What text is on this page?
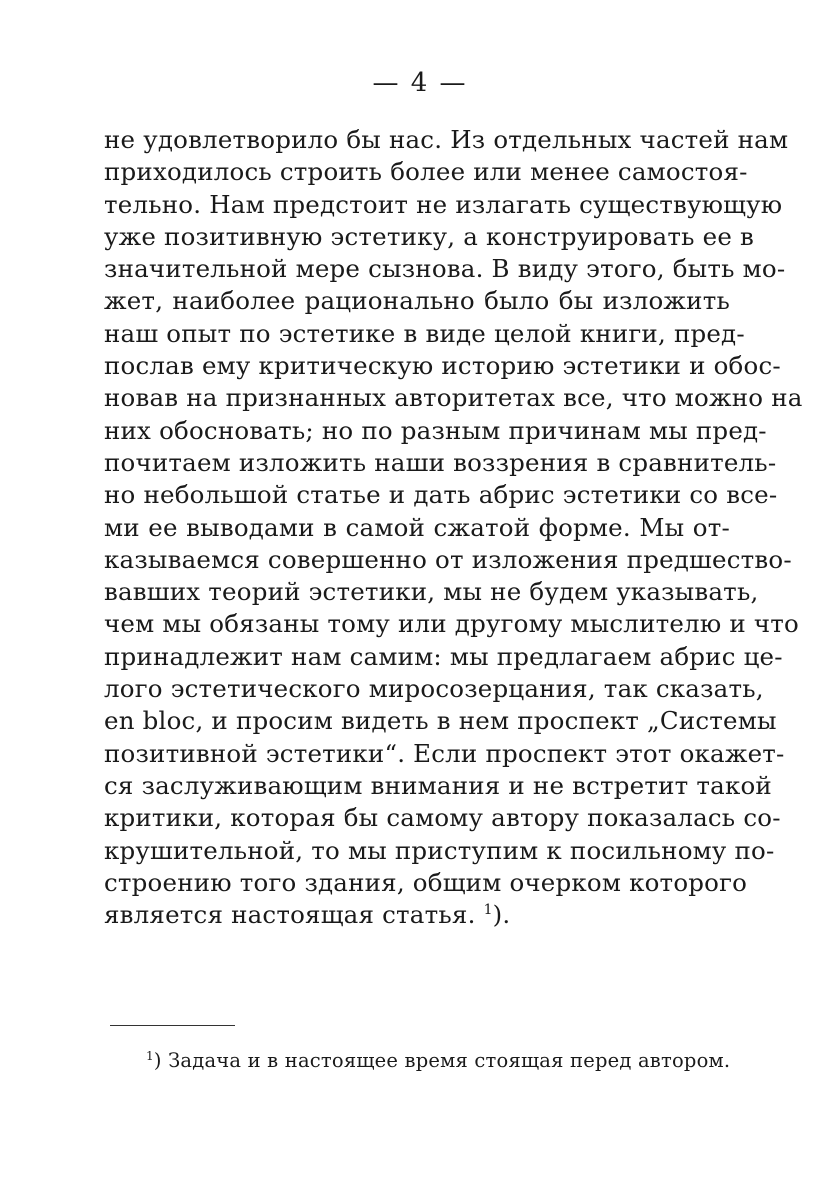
— 4 —
не удовлетворило бы нас. Из отдельных частей нам
приходилось строить более или менее самостоя-
тельно. Нам предстоит не излагать существующую
уже позитивную эстетику, а конструировать ее в
значительной мере сызнова. В виду этого, быть мо-
жет, наиболее рационально было бы изложить
наш опыт по эстетике в виде целой книги, пред-
послав ему критическую историю эстетики и обос-
новав на признанных авторитетах все, что можно на
них обосновать; но по разным причинам мы пред-
почитаем изложить наши воззрения в сравнитель-
но небольшой статье и дать абрис эстетики со все-
ми ее выводами в самой сжатой форме. Мы от-
казываемся совершенно от изложения предшество-
вавших теорий эстетики, мы не будем указывать,
чем мы обязаны тому или другому мыслителю и что
принадлежит нам самим: мы предлагаем абрис це-
лого эстетического миросозерцания, так сказать,
en bloc, и просим видеть в нем проспект „Системы
позитивной эстетики“. Если проспект этот окажет-
ся заслуживающим внимания и не встретит такой
критики, которая бы самому автору показалась со-
крушительной, то мы приступим к посильному по-
строению того здания, общим очерком которого
является настоящая статья. $^1$).
$^1$) Задача и в настоящее время стоящая перед автором.
